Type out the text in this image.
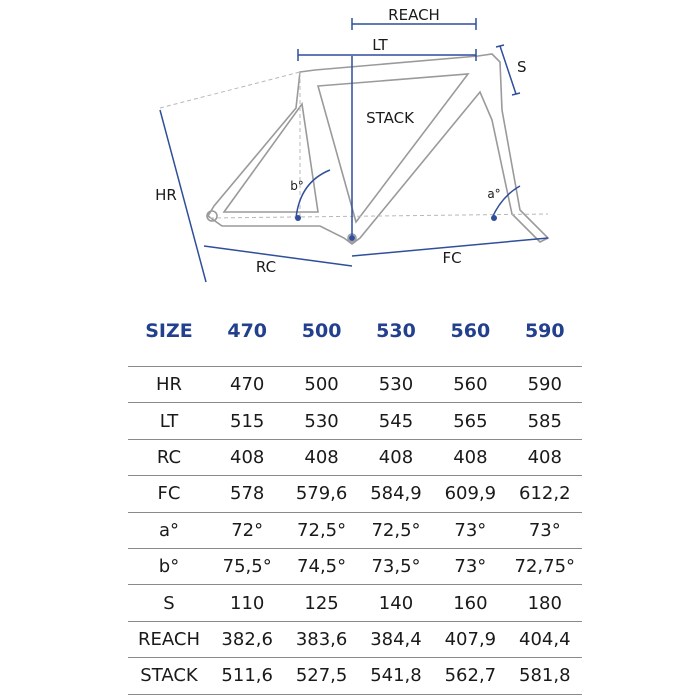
REACH
LT
S
STACK
HR
RC	FC
a°
b°
SIZE	470	500	530	560	590

HR	470	500	530	560	590
LT	515	530	545	565	585
RC	408	408	408	408	408
FC	578	579,6	584,9	609,9	612,2
a°	72°	72,5°	72,5°	73°	73°
b°	75,5°	74,5°	73,5°	73°	72,75°
S	110	125	140	160	180
REACH	382,6	383,6	384,4	407,9	404,4
STACK	511,6	527,5	541,8	562,7	581,8
